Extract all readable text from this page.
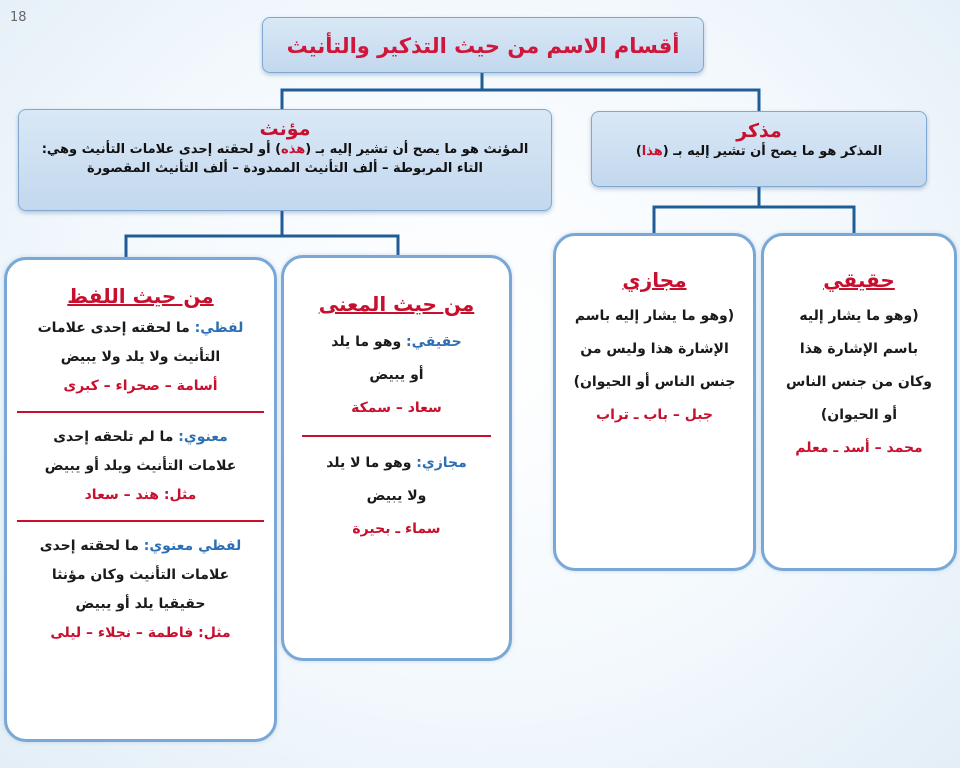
18
أقسام الاسم من حيث التذكير والتأنيث
مذكر
المذكر هو ما يصح أن تشير إليه بـ (هذا)
مؤنث
المؤنث هو ما يصح أن تشير إليه بـ (هذه) أو لحقته إحدى علامات التأنيث وهي:
التاء المربوطة – ألف التأنيث الممدودة – ألف التأنيث المقصورة
حقيقي
(وهو ما يشار إليه
باسم الإشارة هذا
وكان من جنس الناس
أو الحيوان)
محمد – أسد ـ معلم
مجازي
(وهو ما يشار إليه باسم
الإشارة هذا وليس من
جنس الناس أو الحيوان)
جبل – باب ـ تراب
من حيث المعنى
حقيقي: وهو ما يلد
أو يبيض
سعاد – سمكة
مجازي: وهو ما لا يلد
ولا يبيض
سماء ـ بحيرة
من حيث اللفظ
لفظي: ما لحقته إحدى علامات
التأنيث ولا يلد ولا يبيض
أسامة – صحراء – كبرى
معنوي: ما لم تلحقه إحدى
علامات التأنيث ويلد أو يبيض
مثل: هند – سعاد
لفظي معنوي: ما لحقته إحدى
علامات التأنيث وكان مؤنثا
حقيقيا يلد أو يبيض
مثل: فاطمة – نجلاء – ليلى
